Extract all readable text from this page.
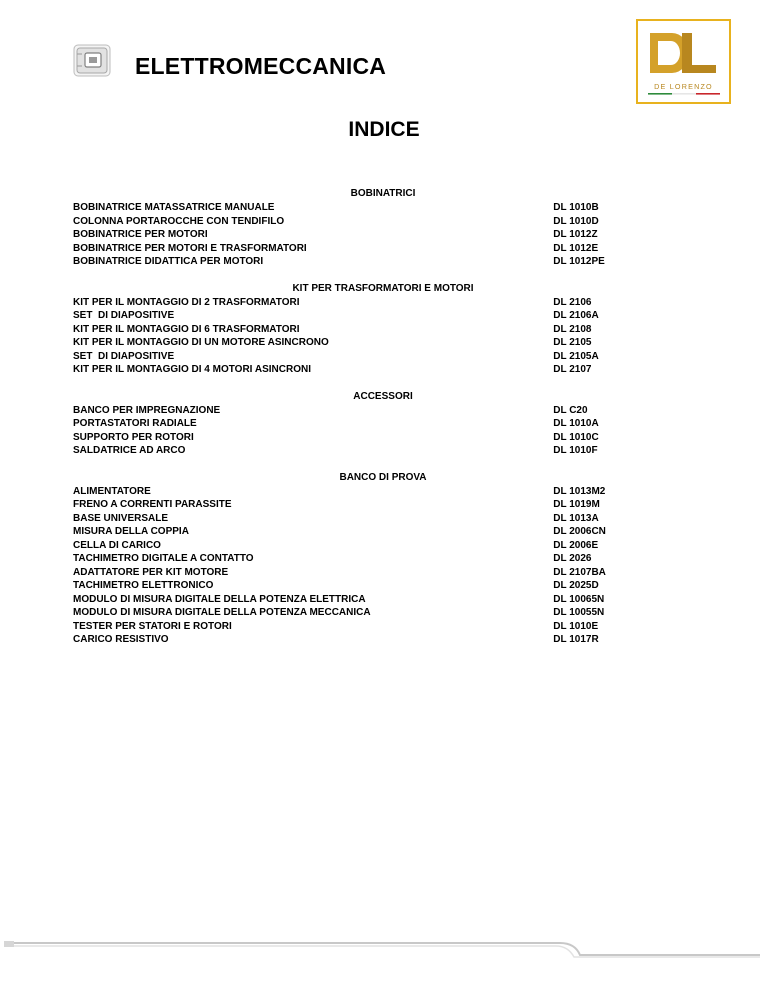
ELETTROMECCANICA
DE LORENZO
INDICE
BOBINATRICI
BOBINATRICE MATASSATRICE MANUALE	DL 1010B
COLONNA PORTAROCCHE CON TENDIFILO	DL 1010D
BOBINATRICE PER MOTORI	DL 1012Z
BOBINATRICE PER MOTORI E TRASFORMATORI	DL 1012E
BOBINATRICE DIDATTICA PER MOTORI	DL 1012PE
KIT PER TRASFORMATORI E MOTORI
KIT PER IL MONTAGGIO DI 2 TRASFORMATORI	DL 2106
SET  DI DIAPOSITIVE	DL 2106A
KIT PER IL MONTAGGIO DI 6 TRASFORMATORI	DL 2108
KIT PER IL MONTAGGIO DI UN MOTORE ASINCRONO	DL 2105
SET  DI DIAPOSITIVE	DL 2105A
KIT PER IL MONTAGGIO DI 4 MOTORI ASINCRONI	DL 2107
ACCESSORI
BANCO PER IMPREGNAZIONE	DL C20
PORTASTATORI RADIALE	DL 1010A
SUPPORTO PER ROTORI	DL 1010C
SALDATRICE AD ARCO	DL 1010F
BANCO DI PROVA
ALIMENTATORE	DL 1013M2
FRENO A CORRENTI PARASSITE	DL 1019M
BASE UNIVERSALE	DL 1013A
MISURA DELLA COPPIA	DL 2006CN
CELLA DI CARICO	DL 2006E
TACHIMETRO DIGITALE A CONTATTO	DL 2026
ADATTATORE PER KIT MOTORE	DL 2107BA
TACHIMETRO ELETTRONICO	DL 2025D
MODULO DI MISURA DIGITALE DELLA POTENZA ELETTRICA	DL 10065N
MODULO DI MISURA DIGITALE DELLA POTENZA MECCANICA	DL 10055N
TESTER PER STATORI E ROTORI	DL 1010E
CARICO RESISTIVO	DL 1017R
